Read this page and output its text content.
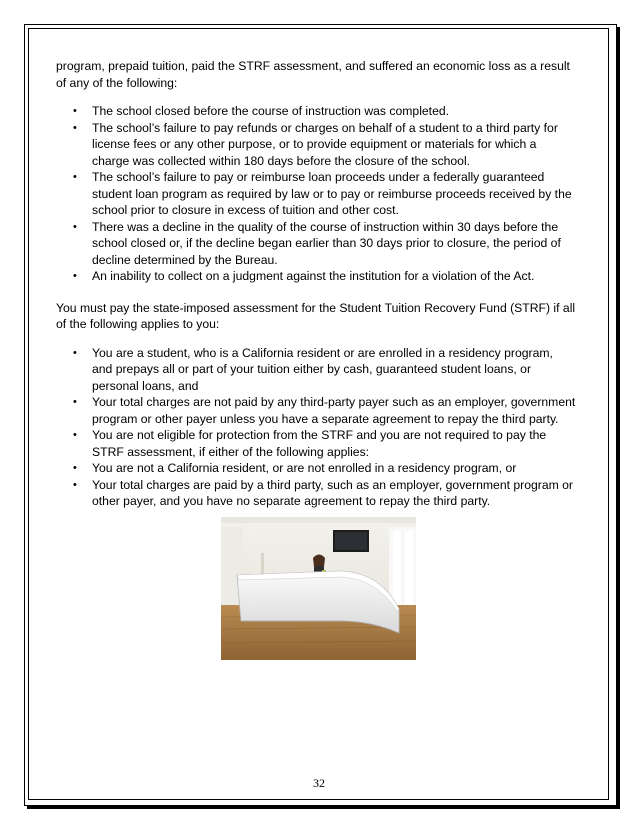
program, prepaid tuition, paid the STRF assessment, and suffered an economic loss as a result of any of the following:

• The school closed before the course of instruction was completed.
• The school’s failure to pay refunds or charges on behalf of a student to a third party for license fees or any other purpose, or to provide equipment or materials for which a charge was collected within 180 days before the closure of the school.
• The school’s failure to pay or reimburse loan proceeds under a federally guaranteed student loan program as required by law or to pay or reimburse proceeds received by the school prior to closure in excess of tuition and other cost.
• There was a decline in the quality of the course of instruction within 30 days before the school closed or, if the decline began earlier than 30 days prior to closure, the period of decline determined by the Bureau.
• An inability to collect on a judgment against the institution for a violation of the Act.

You must pay the state-imposed assessment for the Student Tuition Recovery Fund (STRF) if all of the following applies to you:

• You are a student, who is a California resident or are enrolled in a residency program, and prepays all or part of your tuition either by cash, guaranteed student loans, or personal loans, and
• Your total charges are not paid by any third-party payer such as an employer, government program or other payer unless you have a separate agreement to repay the third party.
• You are not eligible for protection from the STRF and you are not required to pay the STRF assessment, if either of the following applies:
• You are not a California resident, or are not enrolled in a residency program, or
• Your total charges are paid by a third party, such as an employer, government program or other payer, and you have no separate agreement to repay the third party.
32
